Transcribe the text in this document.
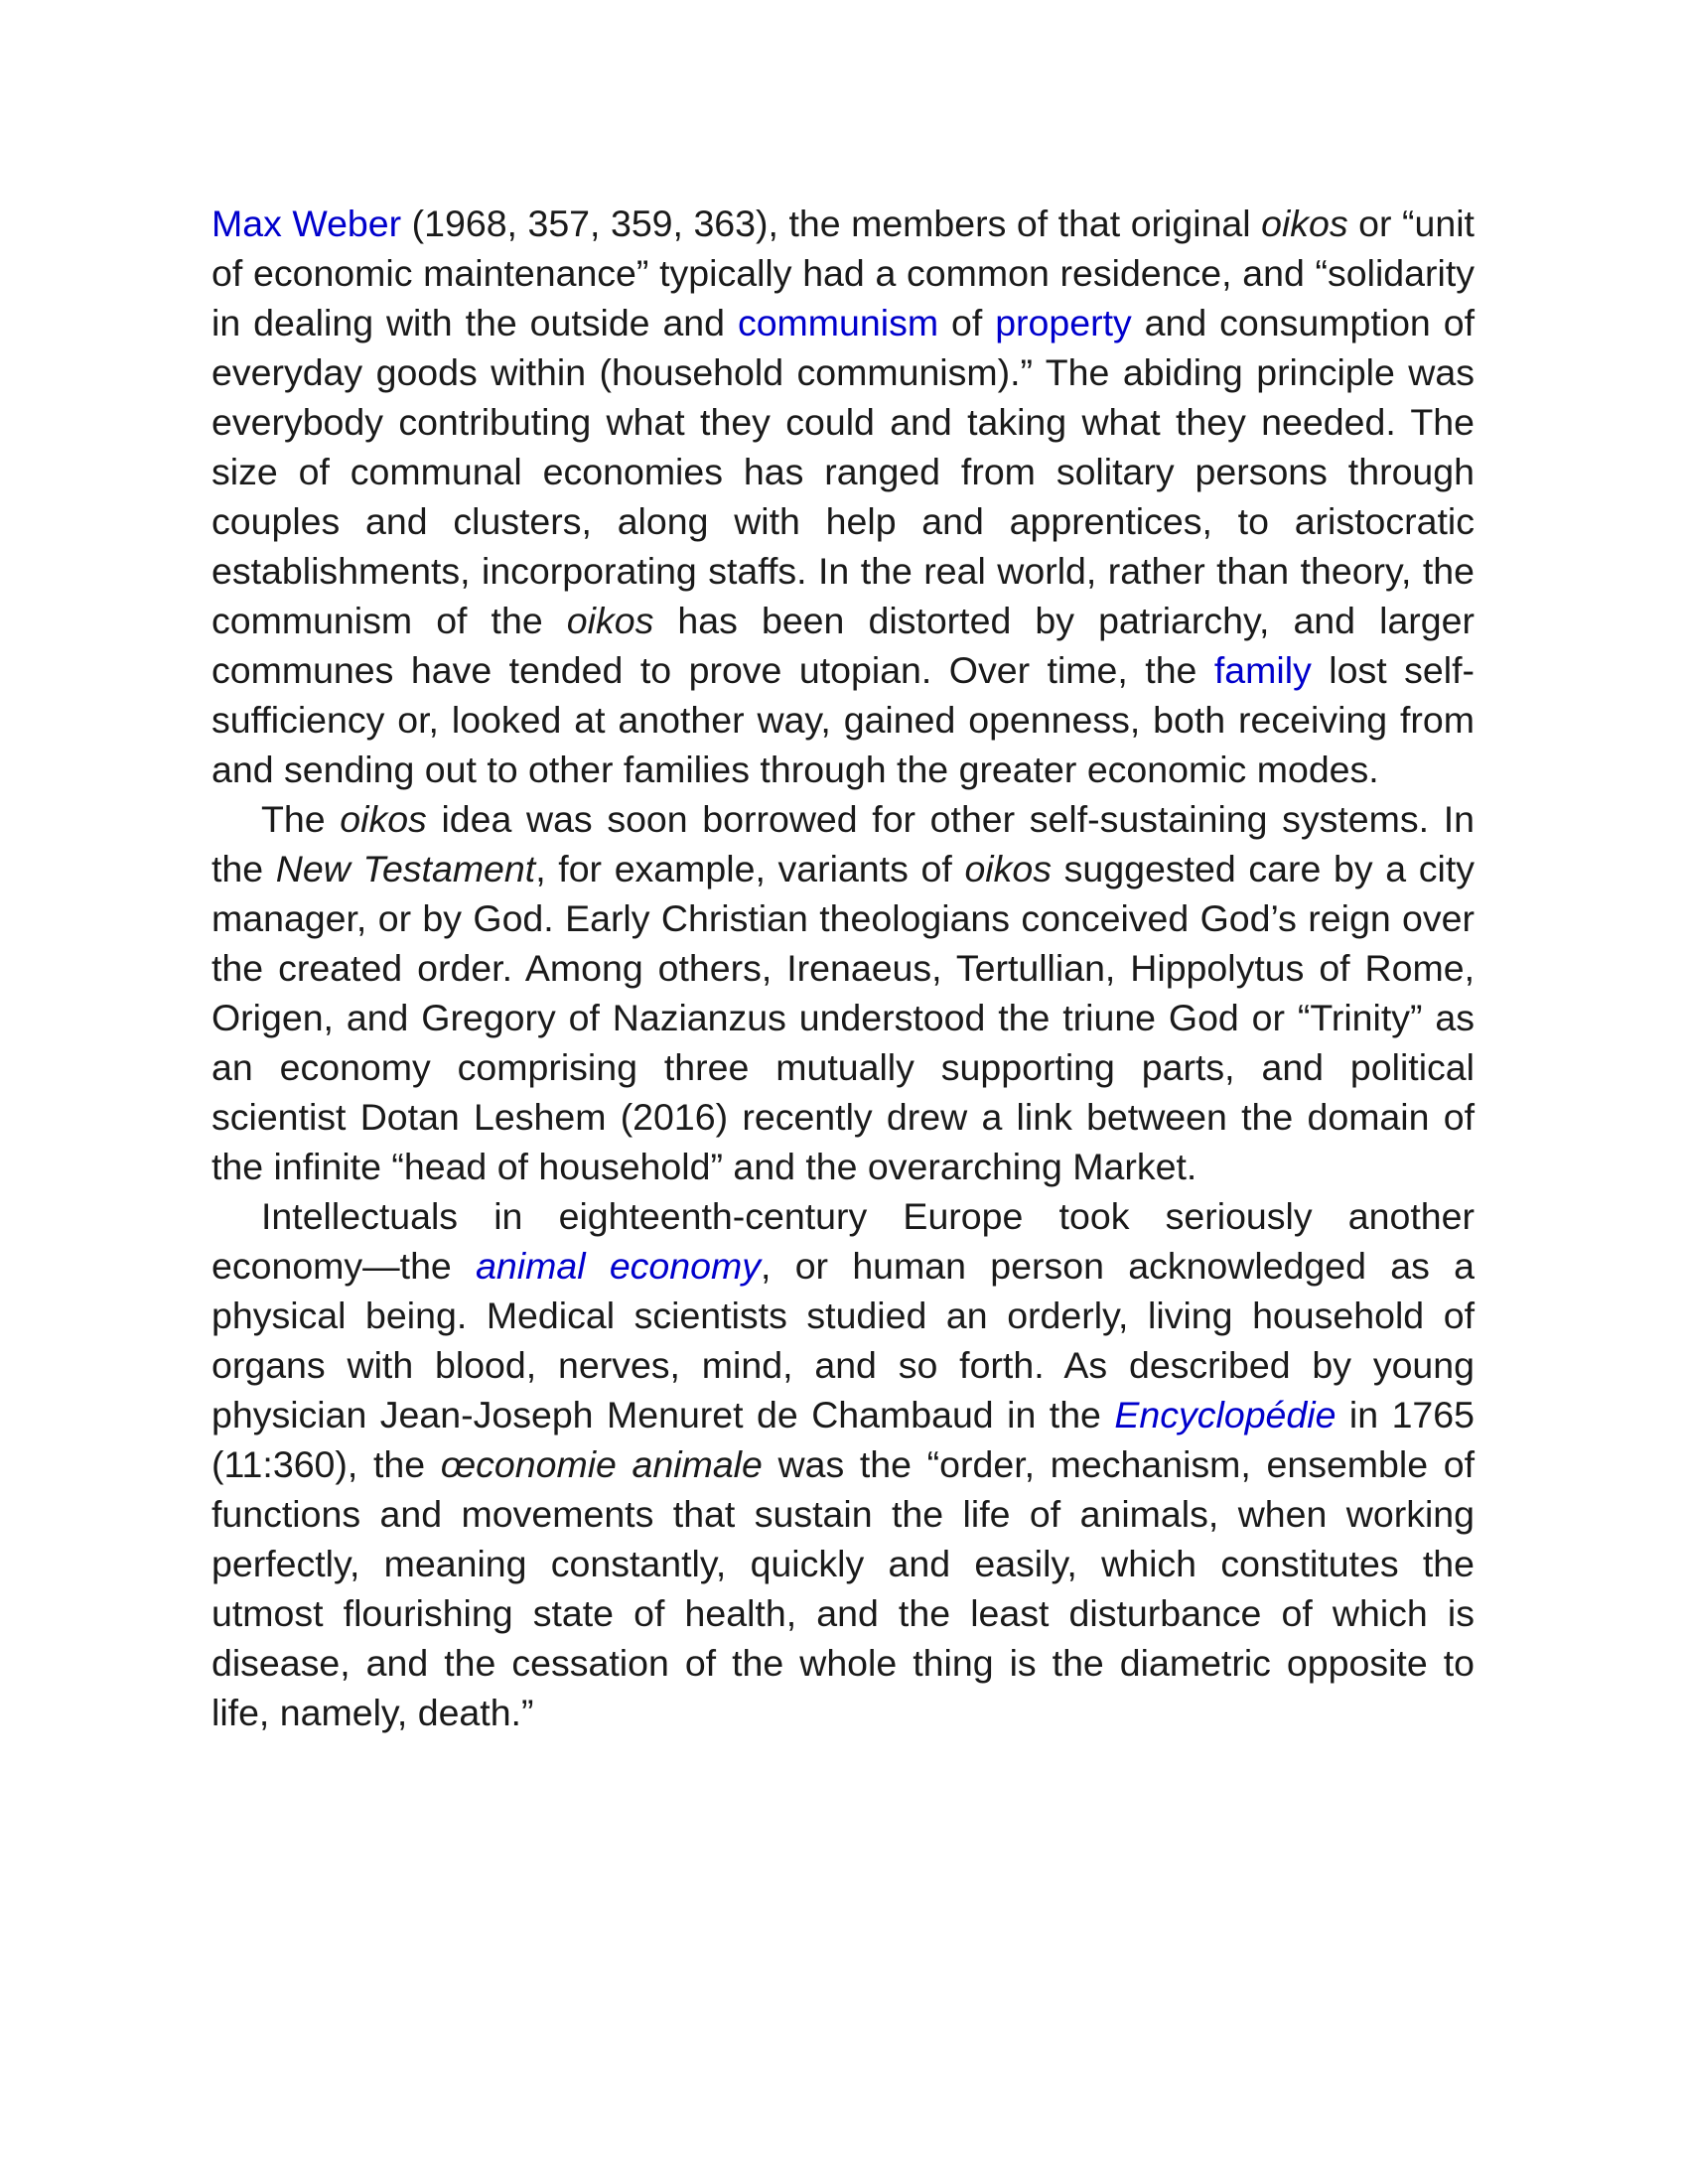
Max Weber (1968, 357, 359, 363), the members of that original oikos or “unit of economic maintenance” typically had a common residence, and “solidarity in dealing with the outside and communism of property and consumption of everyday goods within (household communism).” The abiding principle was everybody contributing what they could and taking what they needed. The size of communal economies has ranged from solitary persons through couples and clusters, along with help and apprentices, to aristocratic establishments, incorporating staffs. In the real world, rather than theory, the communism of the oikos has been distorted by patriarchy, and larger communes have tended to prove utopian. Over time, the family lost self-sufficiency or, looked at another way, gained openness, both receiving from and sending out to other families through the greater economic modes.

The oikos idea was soon borrowed for other self-sustaining systems. In the New Testament, for example, variants of oikos suggested care by a city manager, or by God. Early Christian theologians conceived God’s reign over the created order. Among others, Irenaeus, Tertullian, Hippolytus of Rome, Origen, and Gregory of Nazianzus understood the triune God or “Trinity” as an economy comprising three mutually supporting parts, and political scientist Dotan Leshem (2016) recently drew a link between the domain of the infinite “head of household” and the overarching Market.

Intellectuals in eighteenth-century Europe took seriously another economy—the animal economy, or human person acknowledged as a physical being. Medical scientists studied an orderly, living household of organs with blood, nerves, mind, and so forth. As described by young physician Jean-Joseph Menuret de Chambaud in the Encyclopédie in 1765 (11:360), the œconomie animale was the “order, mechanism, ensemble of functions and movements that sustain the life of animals, when working perfectly, meaning constantly, quickly and easily, which constitutes the utmost flourishing state of health, and the least disturbance of which is disease, and the cessation of the whole thing is the diametric opposite to life, namely, death.”
